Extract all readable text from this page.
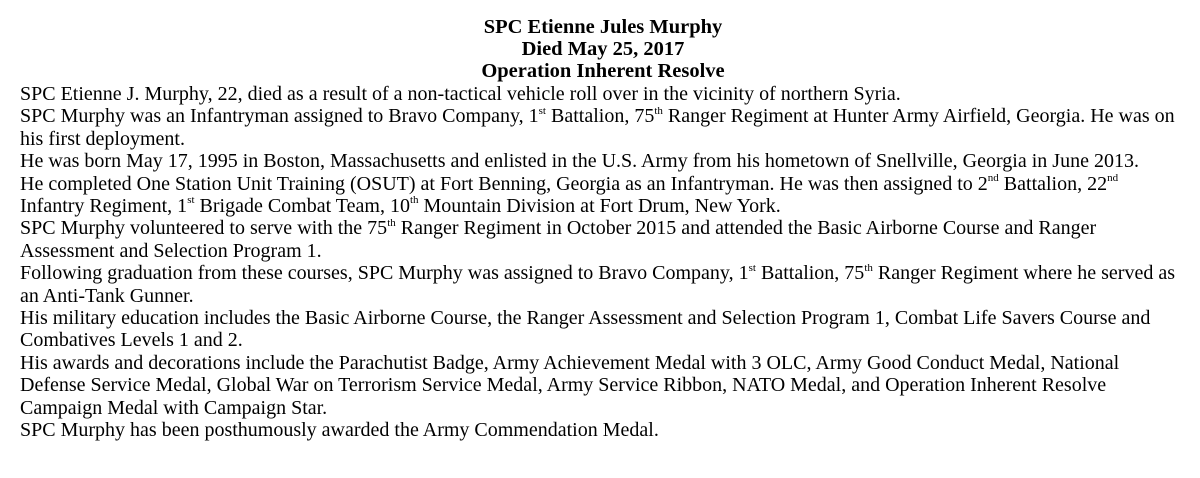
SPC Etienne Jules Murphy
Died May 25, 2017
Operation Inherent Resolve

SPC Etienne J. Murphy, 22, died as a result of a non-tactical vehicle roll over in the vicinity of northern Syria.

SPC Murphy was an Infantryman assigned to Bravo Company, 1st Battalion, 75th Ranger Regiment at Hunter Army Airfield, Georgia. He was on his first deployment.

He was born May 17, 1995 in Boston, Massachusetts and enlisted in the U.S. Army from his hometown of Snellville, Georgia in June 2013.

He completed One Station Unit Training (OSUT) at Fort Benning, Georgia as an Infantryman. He was then assigned to 2nd Battalion, 22nd Infantry Regiment, 1st Brigade Combat Team, 10th Mountain Division at Fort Drum, New York.

SPC Murphy volunteered to serve with the 75th Ranger Regiment in October 2015 and attended the Basic Airborne Course and Ranger Assessment and Selection Program 1.

Following graduation from these courses, SPC Murphy was assigned to Bravo Company, 1st Battalion, 75th Ranger Regiment where he served as an Anti-Tank Gunner.

His military education includes the Basic Airborne Course, the Ranger Assessment and Selection Program 1, Combat Life Savers Course and Combatives Levels 1 and 2.

His awards and decorations include the Parachutist Badge, Army Achievement Medal with 3 OLC, Army Good Conduct Medal, National Defense Service Medal, Global War on Terrorism Service Medal, Army Service Ribbon, NATO Medal, and Operation Inherent Resolve Campaign Medal with Campaign Star.

SPC Murphy has been posthumously awarded the Army Commendation Medal.
